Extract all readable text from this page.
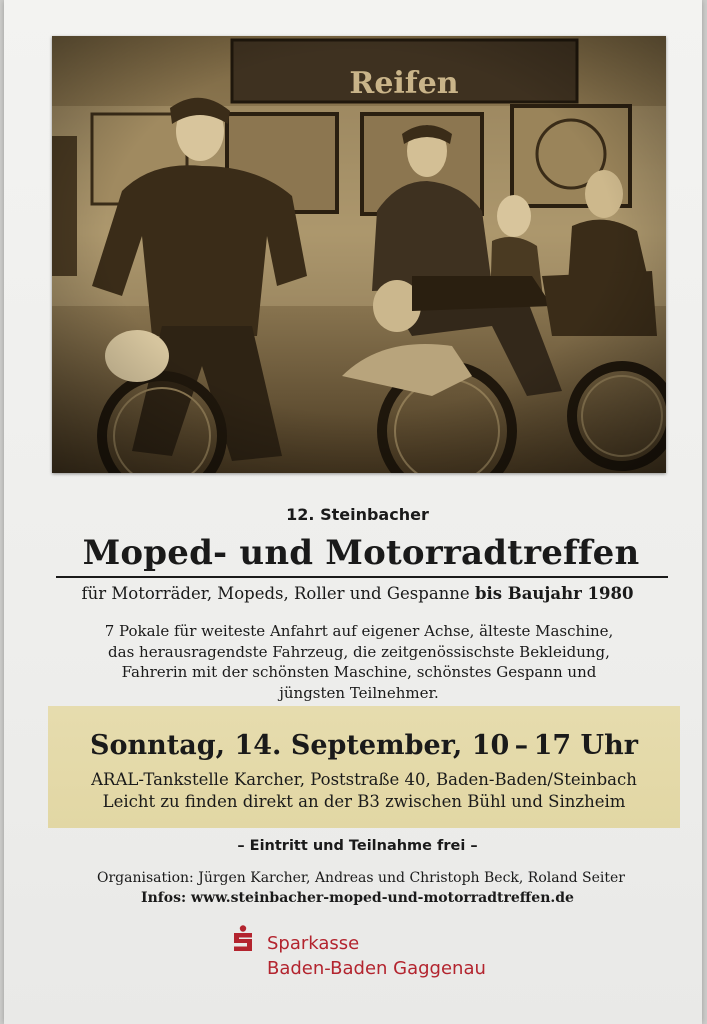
12. Steinbacher
Moped- und Motorradtreffen
für Motorräder, Mopeds, Roller und Gespanne bis Baujahr 1980
7 Pokale für weiteste Anfahrt auf eigener Achse, älteste Maschine,
das herausragendste Fahrzeug, die zeitgenössischste Bekleidung,
Fahrerin mit der schönsten Maschine, schönstes Gespann und
jüngsten Teilnehmer.
Sonntag, 14. September, 10 – 17 Uhr
ARAL-Tankstelle Karcher, Poststraße 40, Baden-Baden/Steinbach
Leicht zu finden direkt an der B3 zwischen Bühl und Sinzheim
– Eintritt und Teilnahme frei –
Organisation: Jürgen Karcher, Andreas und Christoph Beck, Roland Seiter
Infos: www.steinbacher-moped-und-motorradtreffen.de
Sparkasse
Baden-Baden Gaggenau
